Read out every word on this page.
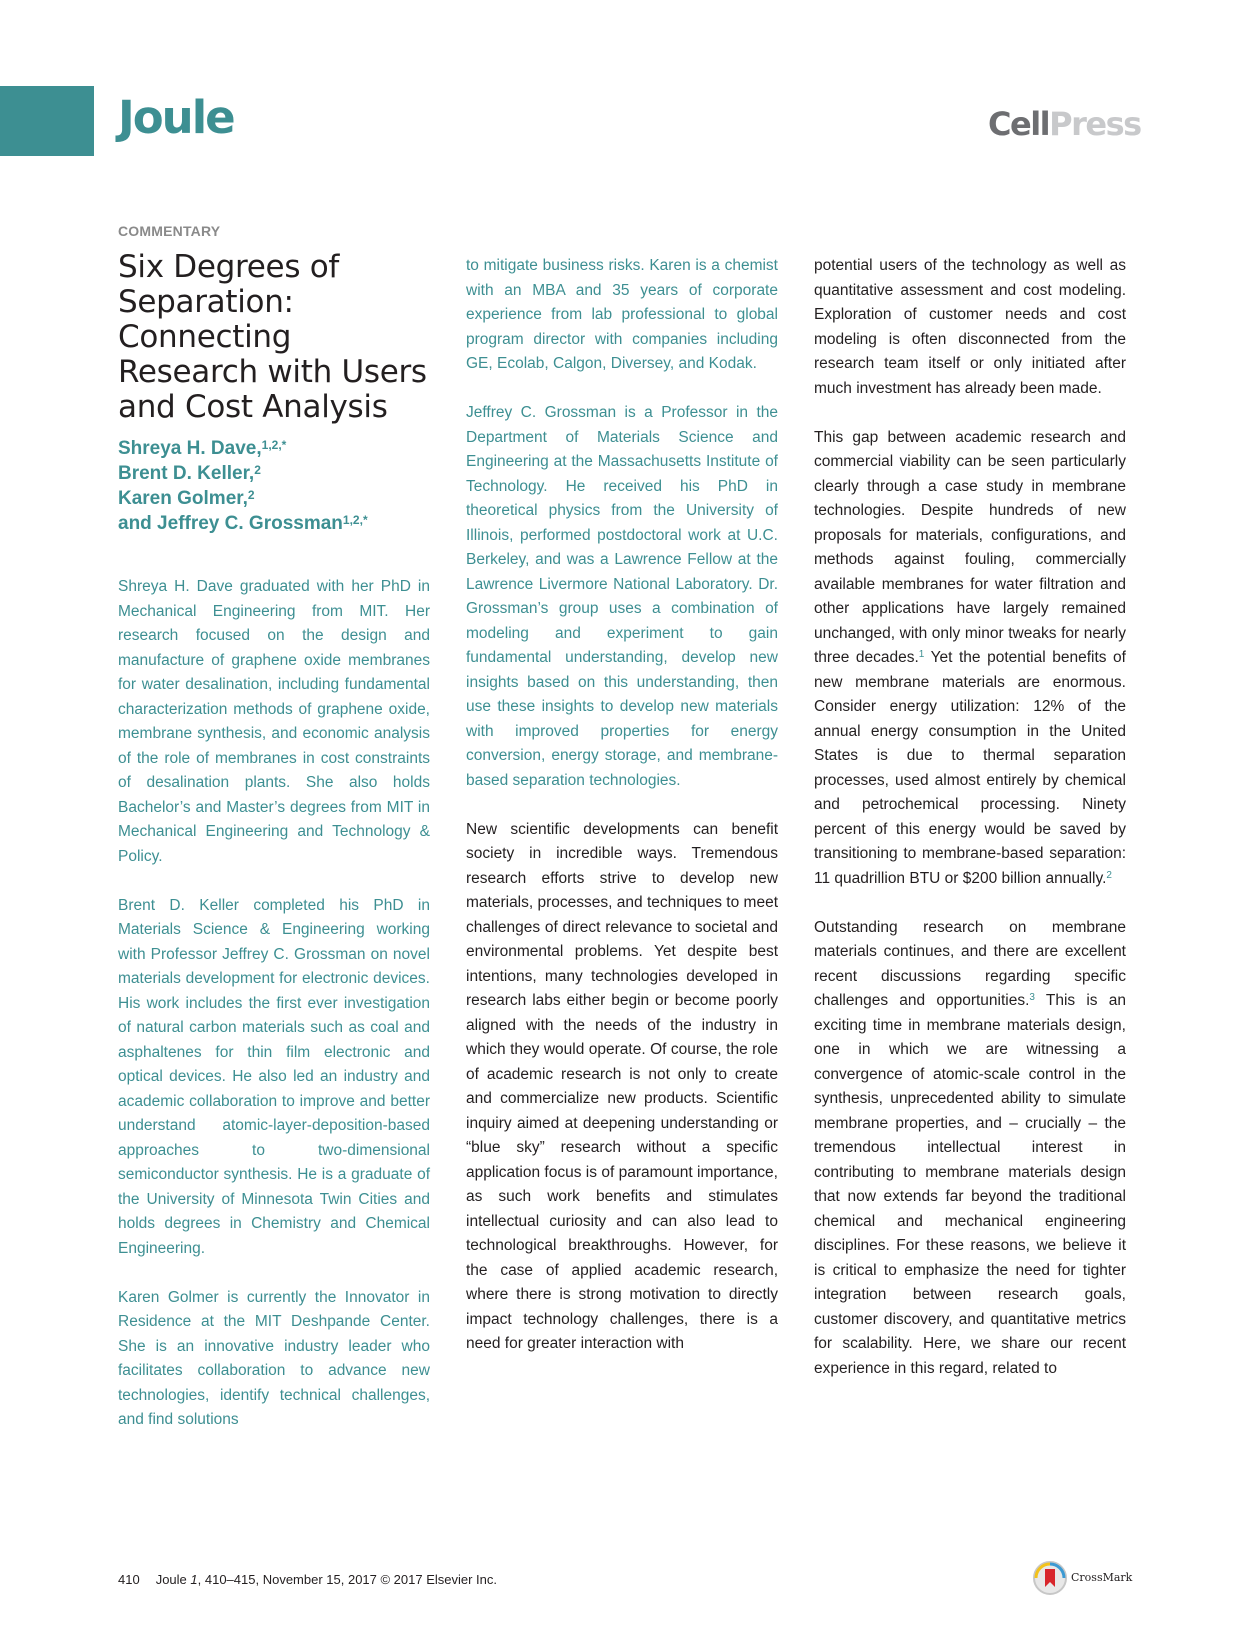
Joule	CellPress
COMMENTARY
Six Degrees of Separation: Connecting Research with Users and Cost Analysis
Shreya H. Dave,$^{1,2,*}$
Brent D. Keller,$^2$
Karen Golmer,$^2$
and Jeffrey C. Grossman$^{1,2,*}$

Shreya H. Dave graduated with her PhD in Mechanical Engineering from MIT. Her research focused on the design and manufacture of graphene oxide membranes for water desalination, including fundamental characterization methods of graphene oxide, membrane synthesis, and economic analysis of the role of membranes in cost constraints of desalination plants. She also holds Bachelor’s and Master’s degrees from MIT in Mechanical Engineering and Technology & Policy.

Brent D. Keller completed his PhD in Materials Science & Engineering working with Professor Jeffrey C. Grossman on novel materials development for electronic devices. His work includes the first ever investigation of natural carbon materials such as coal and asphaltenes for thin film electronic and optical devices. He also led an industry and academic collaboration to improve and better understand atomic-layer-deposition-based approaches to two-dimensional semiconductor synthesis. He is a graduate of the University of Minnesota Twin Cities and holds degrees in Chemistry and Chemical Engineering.

Karen Golmer is currently the Innovator in Residence at the MIT Deshpande Center. She is an innovative industry leader who facilitates collaboration to advance new technologies, identify technical challenges, and find solutions

to mitigate business risks. Karen is a chemist with an MBA and 35 years of corporate experience from lab professional to global program director with companies including GE, Ecolab, Calgon, Diversey, and Kodak.

Jeffrey C. Grossman is a Professor in the Department of Materials Science and Engineering at the Massachusetts Institute of Technology. He received his PhD in theoretical physics from the University of Illinois, performed postdoctoral work at U.C. Berkeley, and was a Lawrence Fellow at the Lawrence Livermore National Laboratory. Dr. Grossman’s group uses a combination of modeling and experiment to gain fundamental understanding, develop new insights based on this understanding, then use these insights to develop new materials with improved properties for energy conversion, energy storage, and membrane-based separation technologies.

New scientific developments can benefit society in incredible ways. Tremendous research efforts strive to develop new materials, processes, and techniques to meet challenges of direct relevance to societal and environmental problems. Yet despite best intentions, many technologies developed in research labs either begin or become poorly aligned with the needs of the industry in which they would operate. Of course, the role of academic research is not only to create and commercialize new products. Scientific inquiry aimed at deepening understanding or “blue sky” research without a specific application focus is of paramount importance, as such work benefits and stimulates intellectual curiosity and can also lead to technological breakthroughs. However, for the case of applied academic research, where there is strong motivation to directly impact technology challenges, there is a need for greater interaction with

potential users of the technology as well as quantitative assessment and cost modeling. Exploration of customer needs and cost modeling is often disconnected from the research team itself or only initiated after much investment has already been made.

This gap between academic research and commercial viability can be seen particularly clearly through a case study in membrane technologies. Despite hundreds of new proposals for materials, configurations, and methods against fouling, commercially available membranes for water filtration and other applications have largely remained unchanged, with only minor tweaks for nearly three decades.$^1$ Yet the potential benefits of new membrane materials are enormous. Consider energy utilization: 12% of the annual energy consumption in the United States is due to thermal separation processes, used almost entirely by chemical and petrochemical processing. Ninety percent of this energy would be saved by transitioning to membrane-based separation: 11 quadrillion BTU or $200 billion annually.$^2$

Outstanding research on membrane materials continues, and there are excellent recent discussions regarding specific challenges and opportunities.$^3$ This is an exciting time in membrane materials design, one in which we are witnessing a convergence of atomic-scale control in the synthesis, unprecedented ability to simulate membrane properties, and – crucially – the tremendous intellectual interest in contributing to membrane materials design that now extends far beyond the traditional chemical and mechanical engineering disciplines. For these reasons, we believe it is critical to emphasize the need for tighter integration between research goals, customer discovery, and quantitative metrics for scalability. Here, we share our recent experience in this regard, related to

410 Joule 1, 410–415, November 15, 2017 © 2017 Elsevier Inc.	CrossMark
